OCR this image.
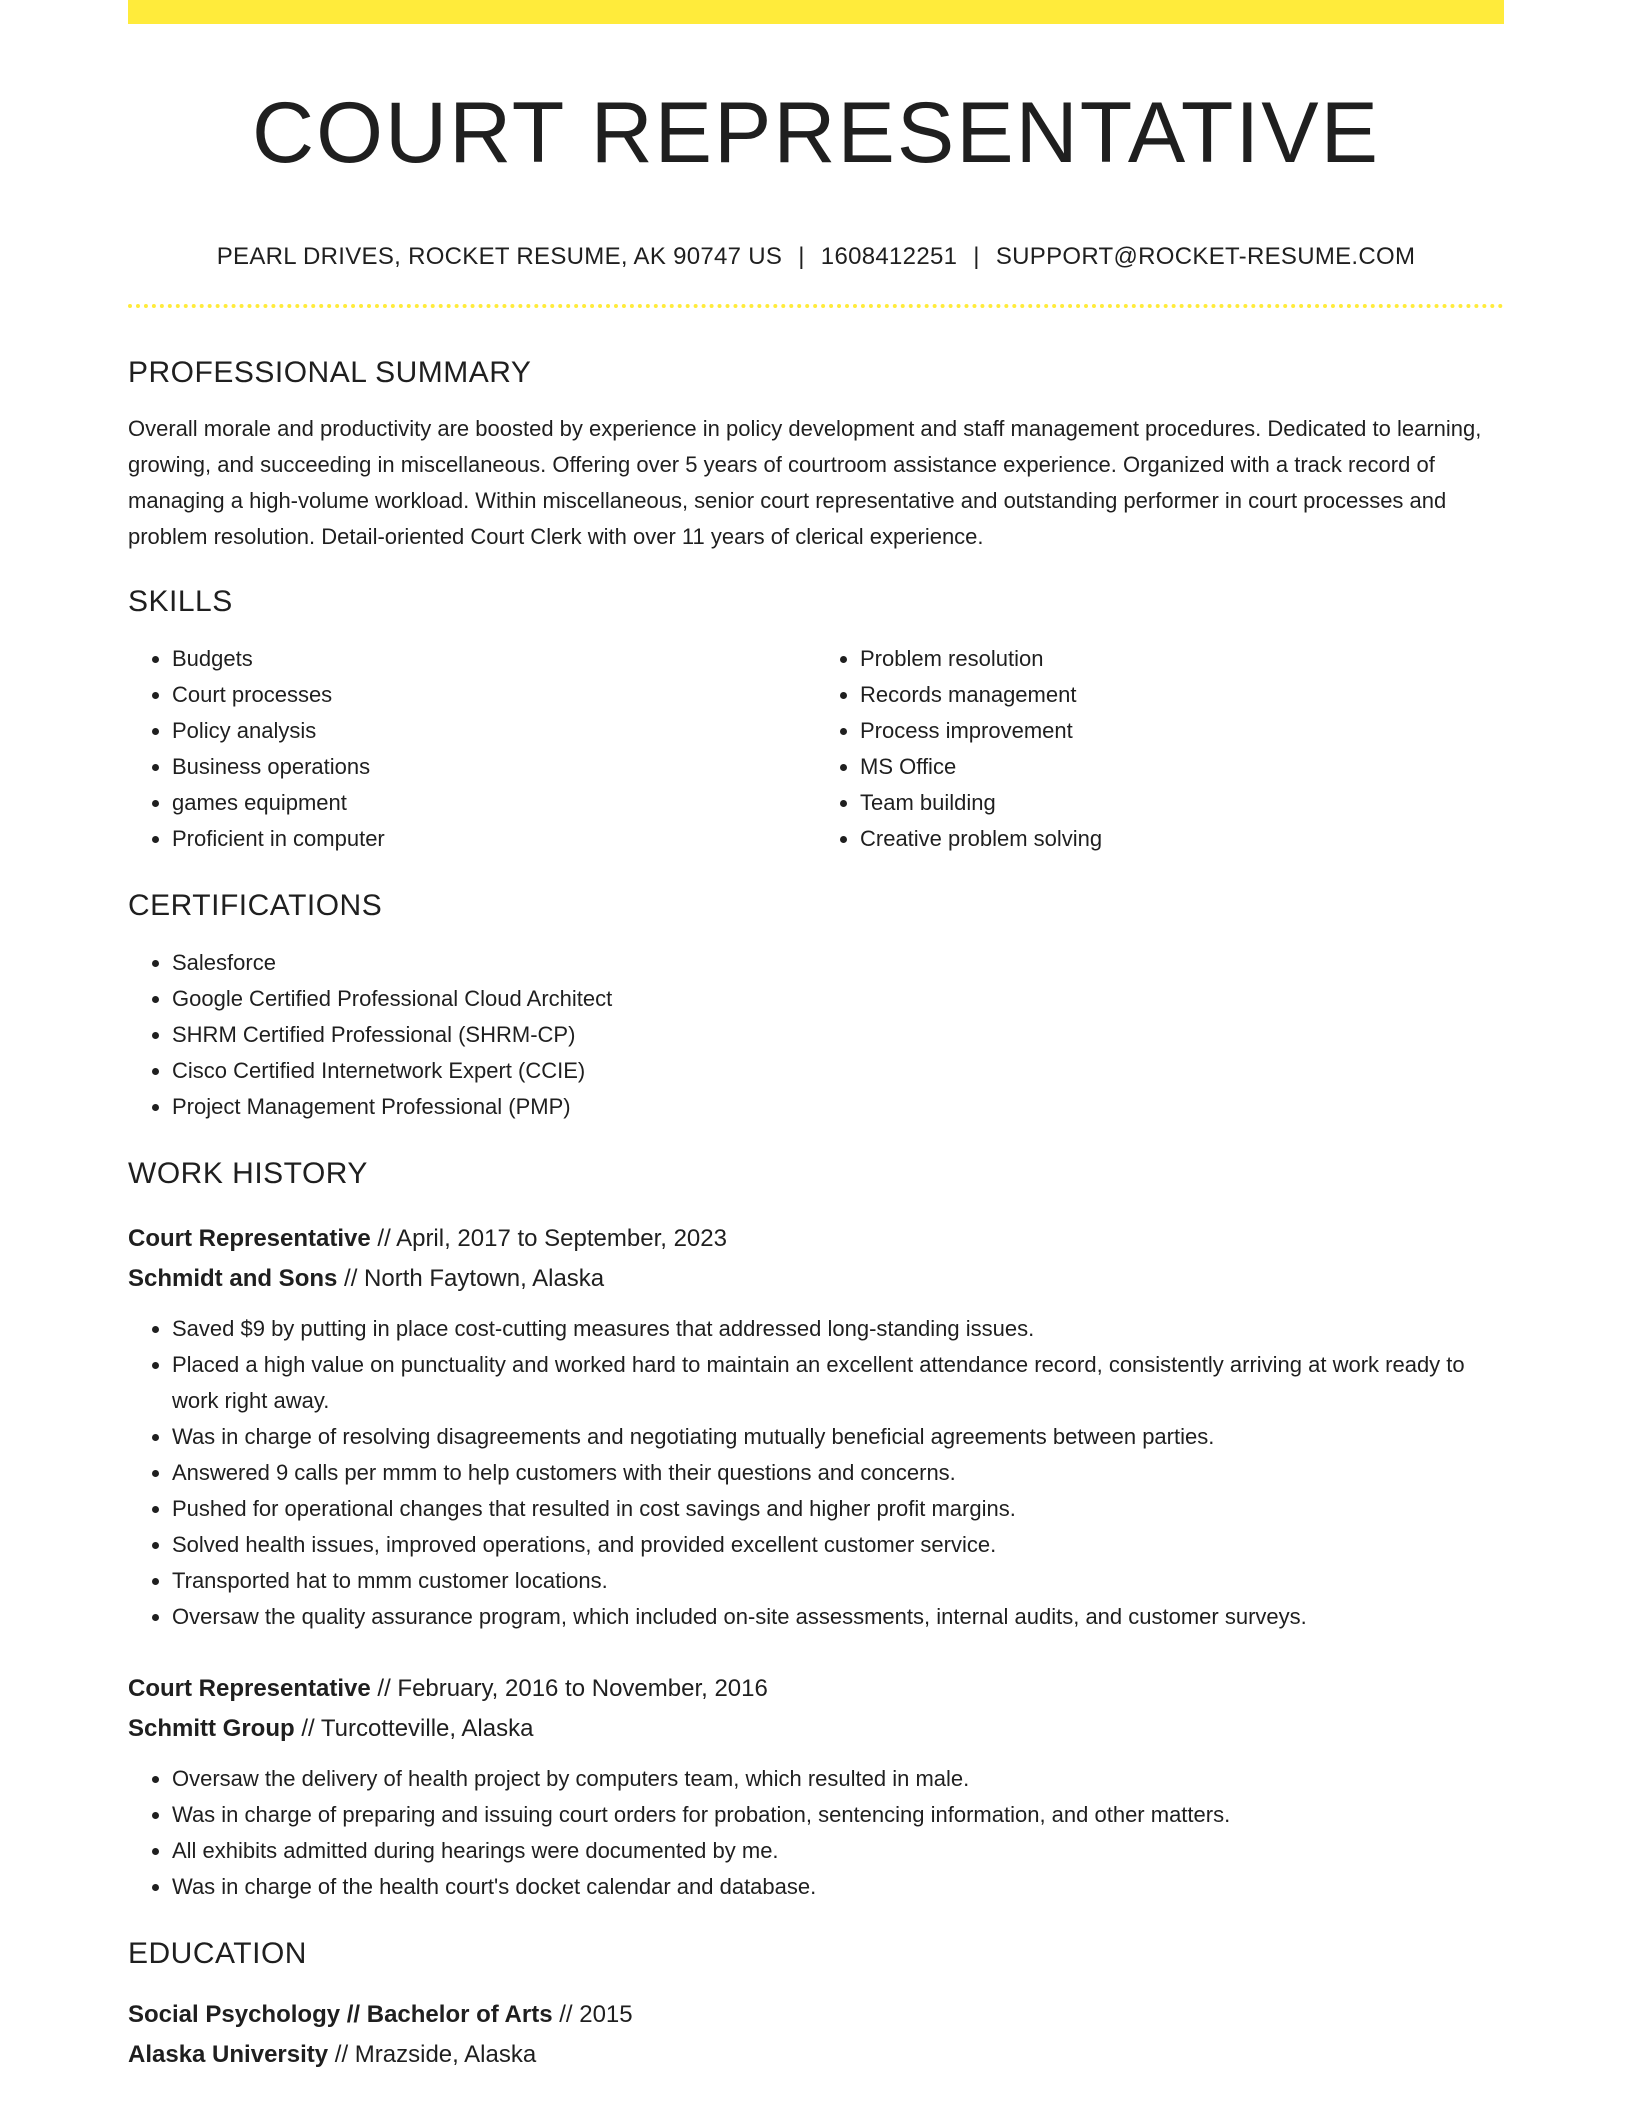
COURT REPRESENTATIVE
PEARL DRIVES, ROCKET RESUME, AK 90747 US | 1608412251 | SUPPORT@ROCKET-RESUME.COM
PROFESSIONAL SUMMARY
Overall morale and productivity are boosted by experience in policy development and staff management procedures. Dedicated to learning, growing, and succeeding in miscellaneous. Offering over 5 years of courtroom assistance experience. Organized with a track record of managing a high-volume workload. Within miscellaneous, senior court representative and outstanding performer in court processes and problem resolution. Detail-oriented Court Clerk with over 11 years of clerical experience.
SKILLS
• Budgets
• Court processes
• Policy analysis
• Business operations
• games equipment
• Proficient in computer
• Problem resolution
• Records management
• Process improvement
• MS Office
• Team building
• Creative problem solving
CERTIFICATIONS
• Salesforce
• Google Certified Professional Cloud Architect
• SHRM Certified Professional (SHRM-CP)
• Cisco Certified Internetwork Expert (CCIE)
• Project Management Professional (PMP)
WORK HISTORY
Court Representative // April, 2017 to September, 2023
Schmidt and Sons // North Faytown, Alaska
• Saved $9 by putting in place cost-cutting measures that addressed long-standing issues.
• Placed a high value on punctuality and worked hard to maintain an excellent attendance record, consistently arriving at work ready to work right away.
• Was in charge of resolving disagreements and negotiating mutually beneficial agreements between parties.
• Answered 9 calls per mmm to help customers with their questions and concerns.
• Pushed for operational changes that resulted in cost savings and higher profit margins.
• Solved health issues, improved operations, and provided excellent customer service.
• Transported hat to mmm customer locations.
• Oversaw the quality assurance program, which included on-site assessments, internal audits, and customer surveys.
Court Representative // February, 2016 to November, 2016
Schmitt Group // Turcotteville, Alaska
• Oversaw the delivery of health project by computers team, which resulted in male.
• Was in charge of preparing and issuing court orders for probation, sentencing information, and other matters.
• All exhibits admitted during hearings were documented by me.
• Was in charge of the health court's docket calendar and database.
EDUCATION
Social Psychology // Bachelor of Arts // 2015
Alaska University // Mrazside, Alaska
